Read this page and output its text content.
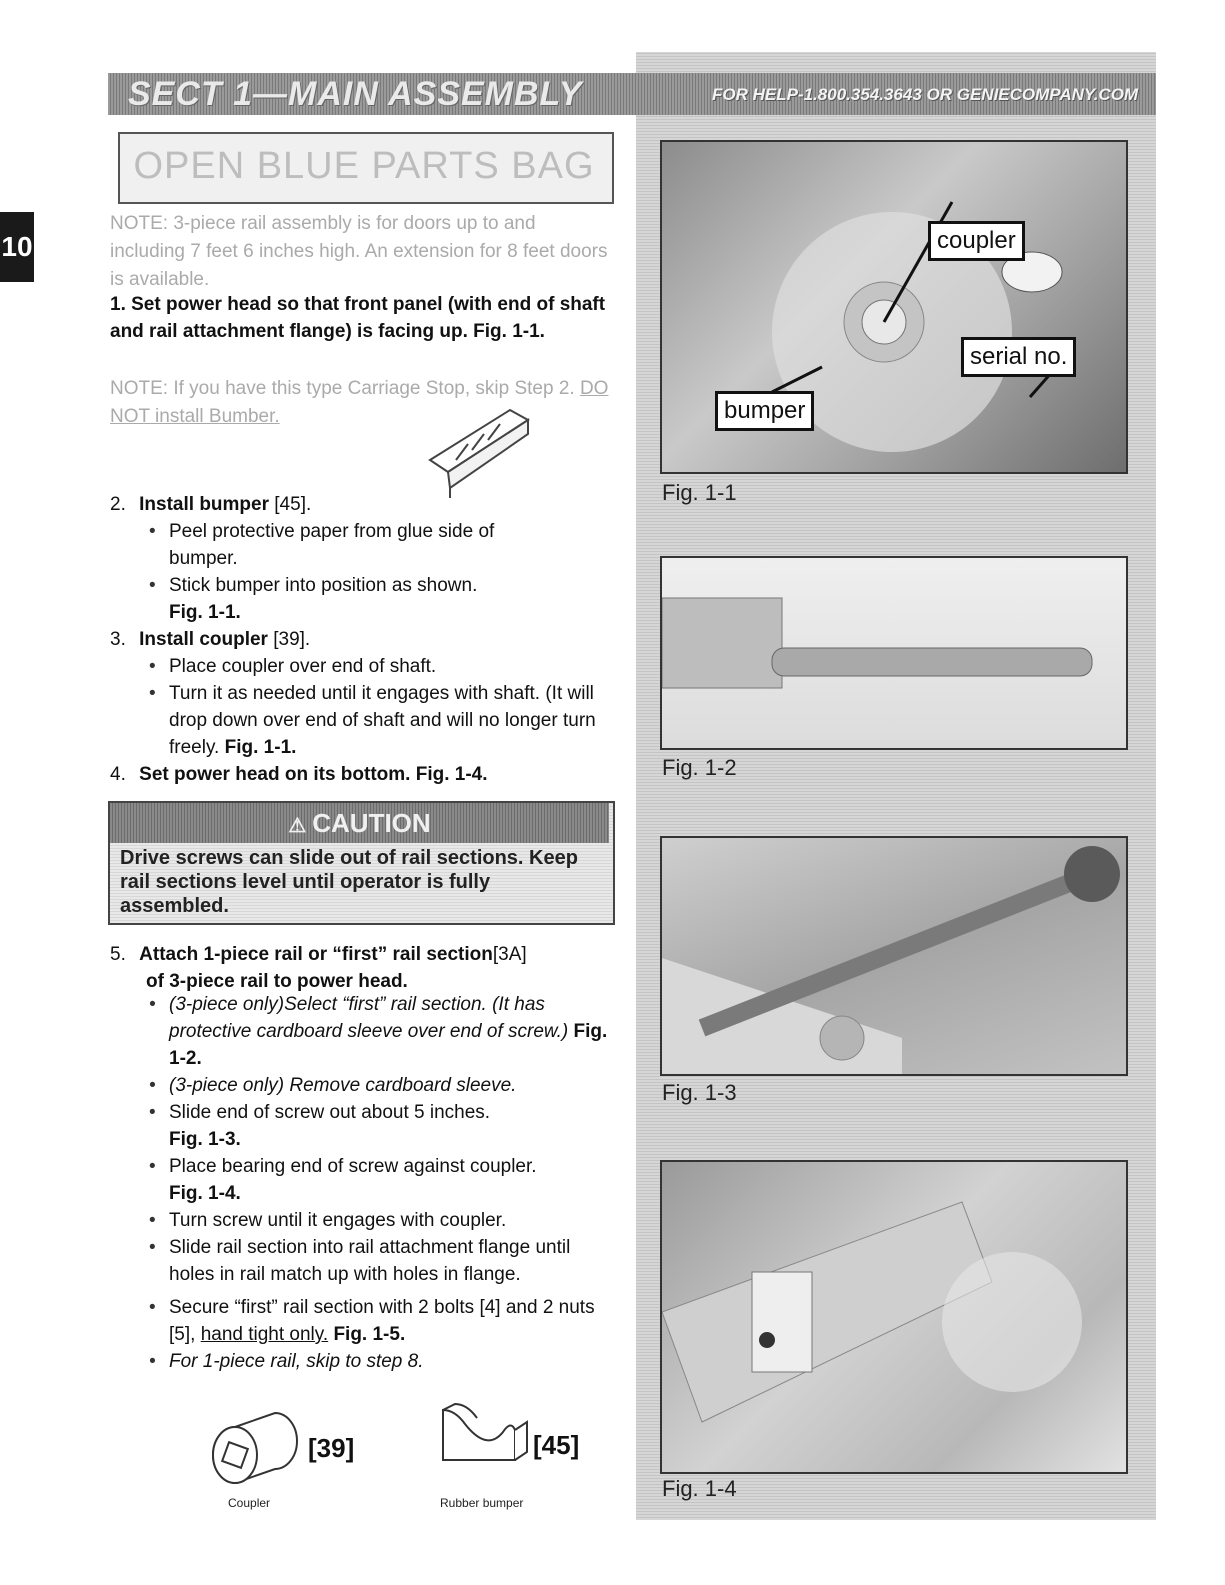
SECT 1—MAIN ASSEMBLY	FOR HELP-1.800.354.3643 OR GENIECOMPANY.COM
10
OPEN BLUE PARTS BAG
NOTE: 3-piece rail assembly is for doors up to and including 7 feet 6 inches high. An extension for 8 feet doors is available.
1. Set power head so that front panel (with end of shaft and rail attachment flange) is facing up. Fig. 1-1.
NOTE: If you have this type Carriage Stop, skip Step 2. DO NOT install Bumber.
2. Install bumper [45].
• Peel protective paper from glue side of bumper.
• Stick bumper into position as shown.
Fig. 1-1.
3. Install coupler [39].
• Place coupler over end of shaft.
• Turn it as needed until it engages with shaft. (It will drop down over end of shaft and will no longer turn freely. Fig. 1-1.
4. Set power head on its bottom. Fig. 1-4.
⚠ CAUTION
Drive screws can slide out of rail sections. Keep rail sections level until operator is fully assembled.
5. Attach 1-piece rail or “first” rail section[3A]
of 3-piece rail to power head.
• (3-piece only)Select “first” rail section. (It has protective cardboard sleeve over end of screw.) Fig. 1-2.
• (3-piece only) Remove cardboard sleeve.
• Slide end of screw out about 5 inches.
Fig. 1-3.
• Place bearing end of screw against coupler.
Fig. 1-4.
• Turn screw until it engages with coupler.
• Slide rail section into rail attachment flange until holes in rail match up with holes in flange.
• Secure “first” rail section with 2 bolts [4] and 2 nuts [5], hand tight only. Fig. 1-5.
• For 1-piece rail, skip to step 8.
[39]
Coupler
[45]
Rubber bumper
coupler
serial no.
bumper
Fig. 1-1
Fig. 1-2
Fig. 1-3
Fig. 1-4
